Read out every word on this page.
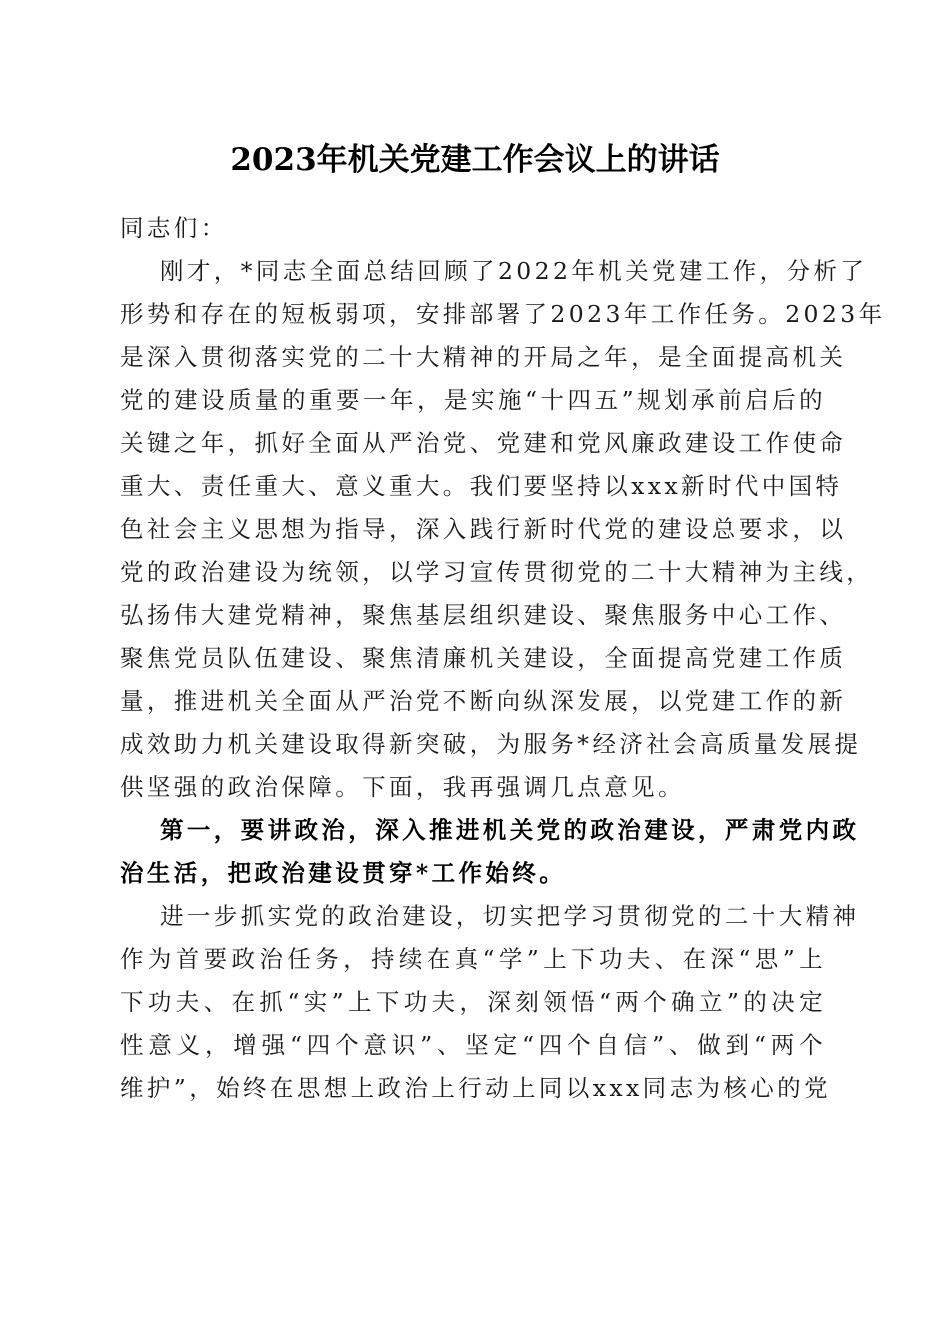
2023年机关党建工作会议上的讲话
同志们：
刚才，*同志全面总结回顾了2022年机关党建工作，分析了
形势和存在的短板弱项，安排部署了2023年工作任务。2023年
是深入贯彻落实党的二十大精神的开局之年，是全面提高机关
党的建设质量的重要一年，是实施“十四五”规划承前启后的
关键之年，抓好全面从严治党、党建和党风廉政建设工作使命
重大、责任重大、意义重大。我们要坚持以xxx新时代中国特
色社会主义思想为指导，深入践行新时代党的建设总要求，以
党的政治建设为统领，以学习宣传贯彻党的二十大精神为主线，
弘扬伟大建党精神，聚焦基层组织建设、聚焦服务中心工作、
聚焦党员队伍建设、聚焦清廉机关建设，全面提高党建工作质
量，推进机关全面从严治党不断向纵深发展，以党建工作的新
成效助力机关建设取得新突破，为服务*经济社会高质量发展提
供坚强的政治保障。下面，我再强调几点意见。
第一，要讲政治，深入推进机关党的政治建设，严肃党内政
治生活，把政治建设贯穿*工作始终。
进一步抓实党的政治建设，切实把学习贯彻党的二十大精神
作为首要政治任务，持续在真“学”上下功夫、在深“思”上
下功夫、在抓“实”上下功夫，深刻领悟“两个确立”的决定
性意义，增强“四个意识”、坚定“四个自信”、做到“两个
维护”，始终在思想上政治上行动上同以xxx同志为核心的党
